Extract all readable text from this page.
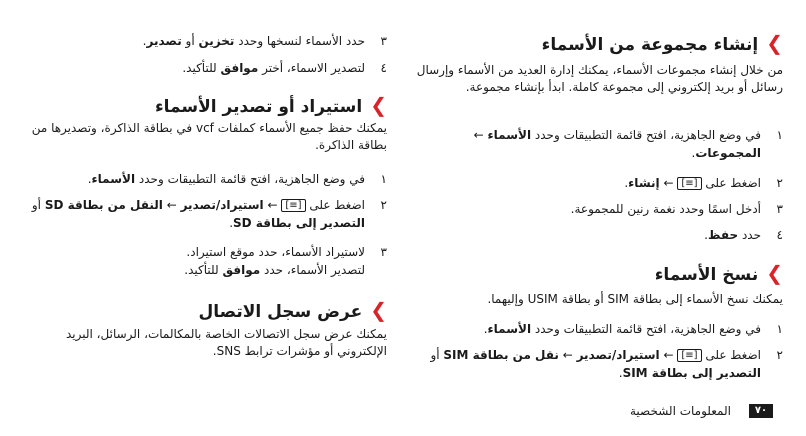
❯إنشاء مجموعة من الأسماء
من خلال إنشاء مجموعات الأسماء، يمكنك إدارة العديد من الأسماء وإرسال رسائل أو بريد إلكتروني إلى مجموعة كاملة. ابدأ بإنشاء مجموعة.
١
في وضع الجاهزية، افتح قائمة التطبيقات وحدد الأسماء ← المجموعات.
٢
اضغط على [≡] ← إنشاء.
٣
أدخل اسمًا وحدد نغمة رنين للمجموعة.
٤
حدد حفظ.
❯نسخ الأسماء
يمكنك نسخ الأسماء إلى بطاقة SIM أو بطاقة USIM وإليهما.
١
في وضع الجاهزية، افتح قائمة التطبيقات وحدد الأسماء.
٢
اضغط على [≡] ← استيراد/تصدير ← نقل من بطاقة SIM أو التصدير إلى بطاقة SIM.
٣
حدد الأسماء لنسخها وحدد تخزين أو تصدير.
٤
لتصدير الاسماء، أختر موافق للتأكيد.
❯استيراد أو تصدير الأسماء
يمكنك حفظ جميع الأسماء كملفات vcf في بطاقة الذاكرة، وتصديرها من بطاقة الذاكرة.
١
في وضع الجاهزية، افتح قائمة التطبيقات وحدد الأسماء.
٢
اضغط على [≡] ← استيراد/تصدير ← النقل من بطاقة SD أو التصدير إلى بطاقة SD.
٣
لاستيراد الأسماء، حدد موقع استيراد.
لتصدير الأسماء، حدد موافق للتأكيد.
❯عرض سجل الاتصال
يمكنك عرض سجل الاتصالات الخاصة بالمكالمات، الرسائل، البريد الإلكتروني أو مؤشرات ترابط SNS.
المعلومات الشخصية	٧٠
